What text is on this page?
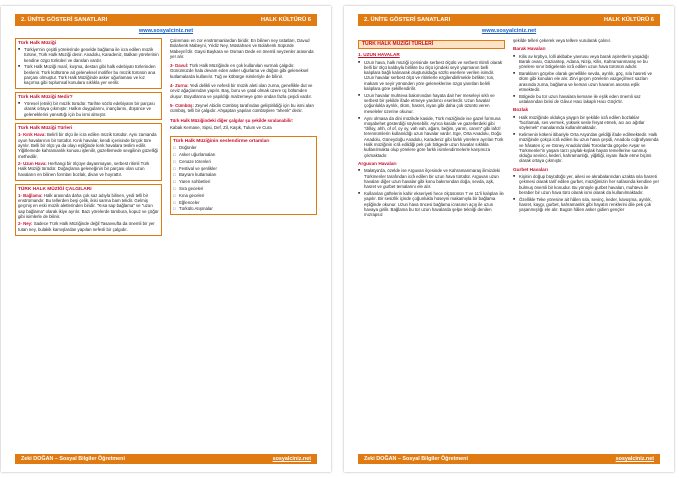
2. ÜNİTE GÖSTERİ SANATLARI	HALK KÜLTÜRÜ 6
www.sosyalciniz.net
Türk Halk Müziği
■ Türkiye'nin çeşitli yörelerinde genelde bağlama ile icra edilen müzik türüne, Türk Halk Müziği denir. Anadolu, Karadeniz, Balkan yörelerinin kendine özgü türküleri ve danslan vardır.
■ Türk Halk Müziği manî, koşma, destan gibi halk edebiyatı türlerinden beslenir. Türk kültürüne ait geleneksel motifler bu müzik türünün ana parçası olmuştur. Türk Halk Müziğinde asker uğurlaması ve kız kaçırma gibi toplumsal konulara sıklıkla yer verilir.
Türk Halk Müziği Nedir?
■ Yöresel (etnik) bir müzik türüdür. Tarihte sözlü edebiyatın bir parçası olarak ortaya çıkmıştır. Halkın duygularını, inançlarını, düşünce ve geleneklerini yansıttığı için bu ismi almıştır.
Türk Halk Müziği Türleri

1- Kırık Hava: Belirli bir ölçü ile icra edilen müzik türüdür. Aynı zamanda oyun havalarının bir türüdür. Kırık havalar, kendi içerisinde birçok türe ayrılır. Belli bir ölçü ya da olayı eşliğinde kırık havalara teslim edilir. Yiğitlemede kahramanlık konusu işlenilir, güzellemede sevgilinin güzelliği methedilir.

2- Uzun Hava: Herhangi bir ölçüye dayanmayan, serbest ritimli Türk Halk Müziği türüdür. Doğaçlama geleneğinin bir parçası olan uzun havaların en bilinen formları bozlak, divan ve hoyrattır.

TÜRK HALK MÜZİĞİ ÇALGILARI

1- Bağlama: Halk arasında daha çok saz adıyla bilinen, yedi telli bir enstrümandır. Bu tellerden beşi çelik, ikisi sarma bam telidir. Gelmiş geçmiş en eski müzik aletlerinden biridir. "Kısa sap bağlama" ve "uzun sap bağlama" olarak ikiye ayrılır. Bazı yörelerde tambura, kopuz ve çöğür gibi isimlerle de bilinir.

2- Ney: Sadece Türk Halk Müziğinde değil Tasavvufta da önemli bir yer tutan ney, bulakik kamışlardan yapılan nefesli bir çalgıdır.

Çalınması en zor enstrümanlardan biridir. En bilinen ney üstatları, Davud Bolahenk Mabeyni, Yédiz Ney, Müstahsen ve Bolahenk Süpürde Mabeynî'dir. Gaysi Baykara ve Osman Dede en önemli neyzenler arasında yer alır.

3- Davul: Türk Halk Müziğinde en çok kullanılan vurmalı çalgıdır. Günümüzde hala devam eden asker uğurlama ve düğün gibi geleneksel kutlamalarda kullanılır. Tuğ ve köbürge isimleriyle de bilinir.

4- Zurna: Yedi delikli ve nefesli bir müzik aleti olan zurna, genellikle dut ve ceviz ağaçlarından yapılır. Baş, boru ve çatal olmak üzere üç bölümden oluşur. Boyutlarına ve yapıldığı malzemeye göre ondan fazla çeşidi vardır.

5- Cümbüş: Zeynel Abidin Cümbüş tarafından geliştirildiği için bu ismi alan cümbüş, telli bir çalgıdır. Ahşaptan yapılan cümbüşlere "ahenk" denir.

Türk Halk Müziğindeki diğer çalgılar şu şekilde sıralanabilir:

Kabak Kemane, Sipsi, Def, Zil, Kaşık, Tulum ve Cura

Türk Halk Müziğinin seslendirme ortamları
□ Düğünler
□ Asker uğurlamaları
□ Cenaze törenleri
□ Festival ve şenlikler
□ Bayram kutlamaları
□ Yaren sohbetleri
□ Sıra geceleri
□ Kına geceleri
□ Eğlenceler
□ Türkülü Atışmalar
Zeki DOĞAN – Sosyal Bilgiler Öğretmeni	sosyalciniz.net
2. ÜNİTE GÖSTERİ SANATLARI	HALK KÜLTÜRÜ 6
www.sosyalciniz.net
TÜRK HALK MÜZİĞİ TÜRLERİ
1. UZUN HAVALAR
■ Uzun hava, halk müziği içerisinde serbest ölçülü ve serbest ritimli olarak belli bir ölçü kalıbıyla birlikte bu ölçü içindeki seyir yapmanın belli kalıplara bağlı kalınarak oluşturulduğu sözlü eserlere verilen isimdir. Uzun havalar serbest ölçü ve ritimlerle ezgilendirilmekle birlikte; ton, makam ve seyir yönünden yöre geleneklerine özgü yanıtları belirli kalıplara göre şekillendirilir.
■ Uzun havalar muhteva bakımından hayata dair her meseleyi sıklı ve serbest bir şekilde ifade etmeye yardımcı eserlerdir. Uzun havalar çoğunlukla ayrılık, ölüm, hasret, isyan gibi daha çok üzüntü veren meseleler üzerine okunur.
■ Aynı olmasa da dini müzikde kaside, Türk müziğinde ise gazel formuna müşabehet gösterdiği söylenebilir. Ayrıca kaside ve gazellerdeki gibi "dilloy, ahh, of of, oy oy, vah vah, ağam, beğim, yarım, canım" gibi lafızl terennümlerin kullanıldığı uzun havalar vardır. Ege, Orta Anadolu, Doğu Anadolu, Güneydoğu Anadolu, Karadeniz gibi farklı yörelere ayrılan Türk Halk müziğinin icrâ edildiği pek çok bölgede uzun havalar sıklıkla kullanılmakta olup yörelere göre farklı isimlendirmelerle karşımıza çıkmaktadır.
Arguvan Havaları
■ Malatya'da, özelde ise Arguvan ilçesinde ve Kahramanmaraş ilimizdeki Türkmenler tarafından icrâ edilen bir uzun hava türüdür. Arguvan uzun havaları diğer uzun havalar gibi konu bakımından doğa, sevda, aşk, hasret ve gurbet temalarını ele alır.
■ Kullanılan güftelerin kahir ekseriyeti hece ölçüsünün 7 ve 11'li kalıpları ile yapılır. Bir sesizlik içinde çoğunlukla hüseyni makamıyla bir bağlama eşliğinde okunur. Uzun hava öncesi bağlama icrasının açış ile uzun havaya girilir. Bağlama bu tür uzun havalarda şelpe tekniği denilen mızrapsız

şekilde telleri çekerek veya tellere vurularak çalınır.

Barak Havaları
■ Kilis av krpbyo, lolli akibabe yavrusu veya barak aşiretlerin yaşadığı Barak ovası, Gaziantep, Adana, Nizip, Kilis, Kahramanmaraş ve bu yörelere sınır bölgelerde icrâ edilen uzun hava türünün adıdır.
■ Barakların göçebe olarak genellikle sevda, ayrılık, göç, sıla hasreti ve ölüm gibi konuları ele alır. Zirvi geçen yörelerin vazgeçilmez sazları arasında zurna, bağlama ve keman uzun havanın asosna eşlik etmektedir.
■ Bölgede bu tür uzun havalara kemane ile eşlik eden önemli saz ustalarından birisi de Gâvur Hacı lakaplı Hacı Göçk'tir.
Bozlak
■ Halk müziğinde oldukça yaygın bir şekilde icrâ edilen bozlaklar "bozlamak, ses vermek, yüksek sesle feryat etmek, acı acı ağıtlar söylemek" manalarında kullanılmaktadır.
■ Kelimenin kökeni itibariyle Orta Asya'dan geldiği ifade edilmektedir. Halk müziğinde çokça icrâ edilen bu uzun hava çeşidi, Anadolu coğrafyasında ve hâsaten iç ve Güney Anadolu'daki Toroslar'da göçebe Avşar ve Türkmenler'in yaşam tarzı yaylak-kışlak hayatı temellerine sunmuş olduğu sevinci, kederi, kahramanlığı, yiğitliği, isyanı ifade etme biçimi olarak ortaya çıkmıştır.
Gurbet Havaları
■ Kişinin doğup büyüdüğü yer, ailesi ve akrabalarından uzakta sıla hasreti çekmesi olarak tarif edilen gurbet, müziğimizin her safasında kendine yer bulmuş önemli bir konudur. Bu yönüyle gurbet havaları, muhteva ile beraber bir uzun hava türü olarak ismi olarak da kullanılmaktadır.
■ Özellikle Teke yöresine ait hâlen sıla, sevinç, keder, kavuşma, ayrılık, hasret, kaygı, gurbet, kahramanlık gibi hayatın renklerini dile pek çok yaşanmışlığı ele alır. Bugün hâlen asker gidien gençler
Zeki DOĞAN – Sosyal Bilgiler Öğretmeni	sosyalciniz.net
